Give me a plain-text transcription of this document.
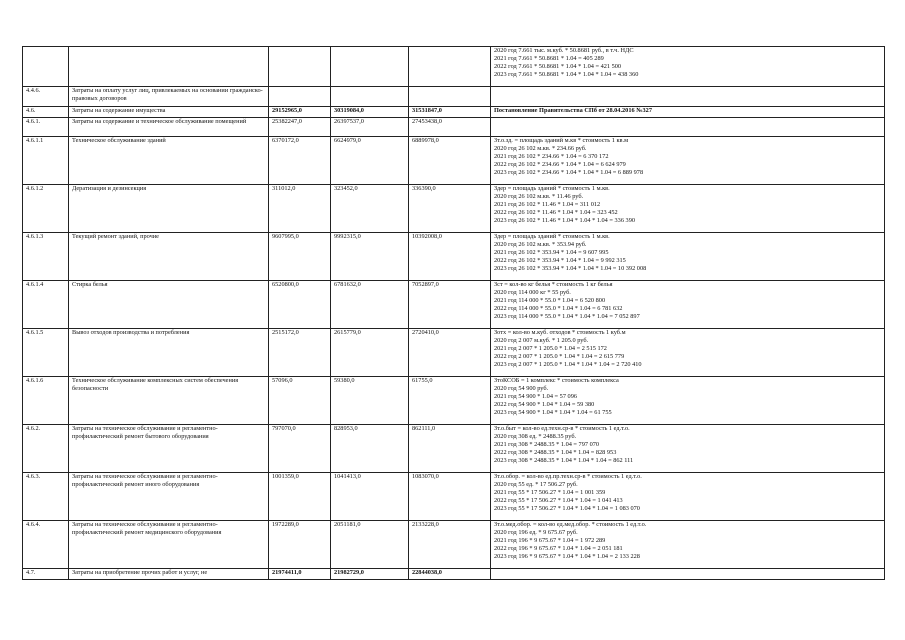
					2020 год 7.661 тыс. м.куб. * 50.8681 руб., в т.ч. НДС
2021 год 7.661 * 50.8681 * 1.04 = 405 289
2022 год 7.661 * 50.8681 * 1.04 * 1.04 = 421 500
2023 год 7.661 * 50.8681 * 1.04 * 1.04 * 1.04 = 438 360

4.4.6.	Затраты на оплату услуг лиц, привлекаемых на основании гражданско-правовых договоров				
4.6.	Затраты на содержание имущества	29152965,0	30319084,0	31531847,0	Постановление Правительства СПб от 28.04.2016 №327

4.6.1.	Затраты на содержание и техническое обслуживание помещений	25382247,0	26397537,0	27453438,0	
4.6.1.1	Техническое обслуживание зданий	6370172,0	6624979,0	6889978,0	Зт.о.зд. = площадь зданий м.кв * стоимость 1 кв.м
2020 год 26 102 м.кв. * 234.66 руб.
2021 год 26 102 * 234.66 * 1.04 = 6 370 172
2022 год 26 102 * 234.66 * 1.04 * 1.04 = 6 624 979
2023 год 26 102 * 234.66 * 1.04 * 1.04 * 1.04 = 6 889 978

4.6.1.2	Дератизация и дезинсекция	311012,0	323452,0	336390,0	Здер = площадь зданий * стоимость 1 м.кв.
2020 год 26 102 м.кв. * 11.46 руб.
2021 год 26 102 * 11.46 * 1.04 = 311 012
2022 год 26 102 * 11.46 * 1.04 * 1.04 = 323 452
2023 год 26 102 * 11.46 * 1.04 * 1.04 * 1.04 = 336 390

4.6.1.3	Текущий ремонт зданий, прочие	9607995,0	9992315,0	10392008,0	Здер = площадь зданий * стоимость 1 м.кв.
2020 год 26 102 м.кв. * 353.94 руб.
2021 год 26 102 * 353.94 * 1.04 = 9 607 995
2022 год 26 102 * 353.94 * 1.04 * 1.04 = 9 992 315
2023 год 26 102 * 353.94 * 1.04 * 1.04 * 1.04 = 10 392 008

4.6.1.4	Стирка белья	6520800,0	6781632,0	7052897,0	Зст = кол-во кг белья * стоимость 1 кг белья
2020 год 114 000 кг * 55 руб.
2021 год 114 000 * 55.0 * 1.04 = 6 520 800
2022 год 114 000 * 55.0 * 1.04 * 1.04 = 6 781 632
2023 год 114 000 * 55.0 * 1.04 * 1.04 * 1.04 = 7 052 897

4.6.1.5	Вывоз отходов производства и потребления	2515172,0	2615779,0	2720410,0	Зотх = кол-во м.куб. отходов * стоимость 1 куб.м
2020 год 2 007 м.куб. * 1 205.0 руб.
2021 год 2 007 * 1 205.0 * 1.04 = 2 515 172
2022 год 2 007 * 1 205.0 * 1.04 * 1.04 = 2 615 779
2023 год 2 007 * 1 205.0 * 1.04 * 1.04 * 1.04 = 2 720 410

4.6.1.6	Техническое обслуживание комплексных систем обеспечения безопасности	57096,0	59380,0	61755,0	ЗтоКСОБ = 1 комплекс * стоимость комплекса
2020 год 54 900 руб.
2021 год 54 900 * 1.04 = 57 096
2022 год 54 900 * 1.04 * 1.04 = 59 380
2023 год 54 900 * 1.04 * 1.04 * 1.04 = 61 755

4.6.2.	Затраты на техническое обслуживание и регламентно-профилактический ремонт бытового оборудования	797070,0	828953,0	862111,0	Зт.о.быт = кол-во ед.техн.ср-в * стоимость 1 ед.т.о.
2020 год 308 ед. * 2488.35 руб.
2021 год 308 * 2488.35 * 1.04 = 797 070
2022 год 308 * 2488.35 * 1.04 * 1.04 = 828 953
2023 год 308 * 2488.35 * 1.04 * 1.04 * 1.04 = 862 111

4.6.3.	Затраты на техническое обслуживание и регламентно-профилактический ремонт иного оборудования	1001359,0	1041413,0	1083070,0	Зт.о.обор. = кол-во ед.пр.техн.ср-в * стоимость 1 ед.т.о.
2020 год 55 ед. * 17 506.27 руб.
2021 год 55 * 17 506.27 * 1.04 = 1 001 359
2022 год 55 * 17 506.27 * 1.04 * 1.04 = 1 041 413
2023 год 55 * 17 506.27 * 1.04 * 1.04 * 1.04 = 1 083 070

4.6.4.	Затраты на техническое обслуживание и регламентно-профилактический ремонт медицинского оборудования	1972289,0	2051181,0	2133228,0	Зт.о.мед.обор. = кол-во ед.мед.обор. * стоимость 1 ед.т.о.
2020 год 196 ед. * 9 675.67 руб.
2021 год 196 * 9 675.67 * 1.04 = 1 972 289
2022 год 196 * 9 675.67 * 1.04 * 1.04 = 2 051 181
2023 год 196 * 9 675.67 * 1.04 * 1.04 * 1.04 = 2 133 228

4.7.	Затраты на приобретение прочих работ и услуг, не	21974411,0	21982729,0	22844038,0	
